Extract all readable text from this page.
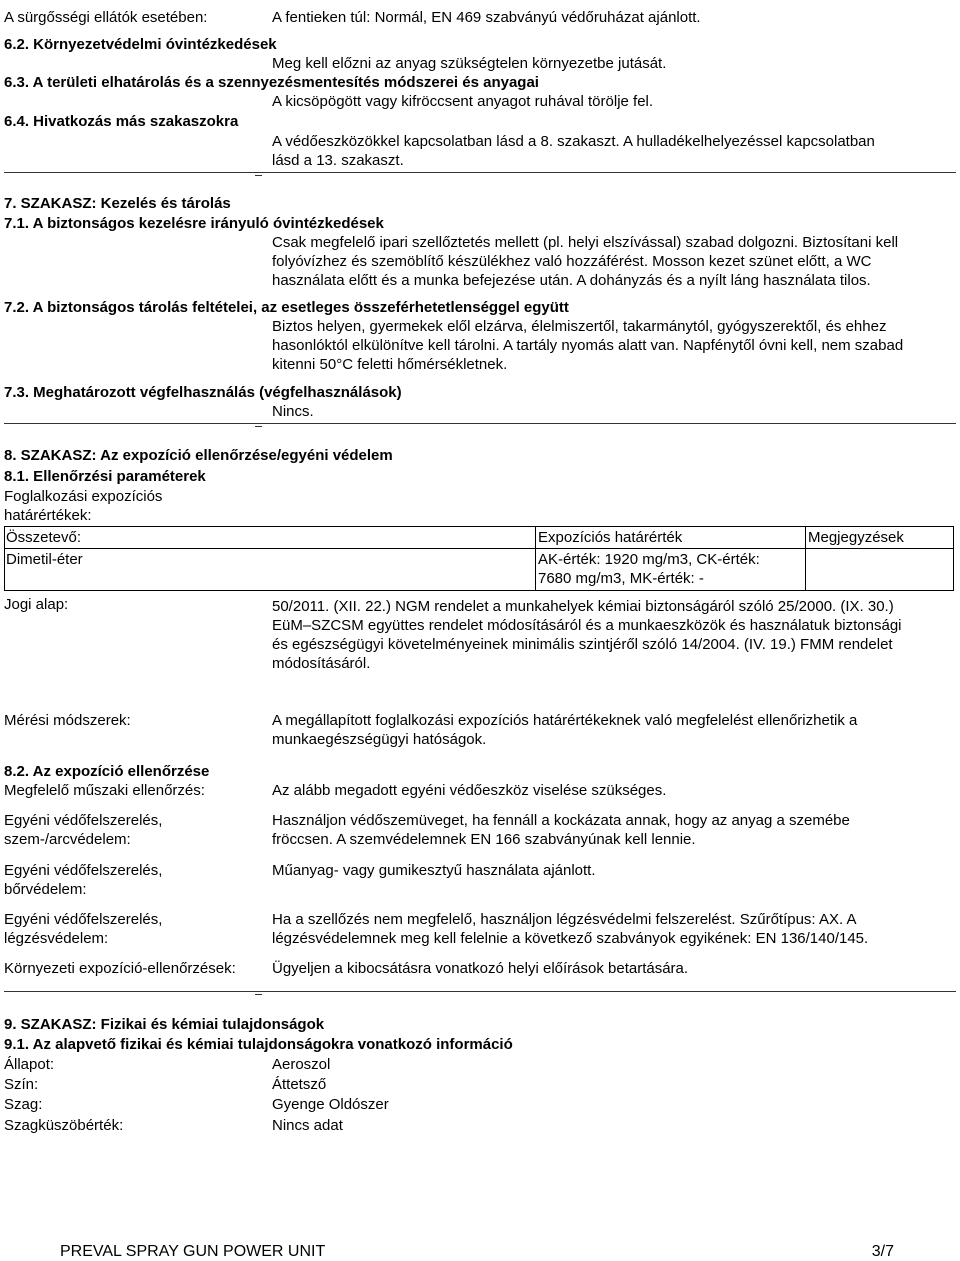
A sürgősségi ellátók esetében:	A fentieken túl: Normál, EN 469 szabványú védőruházat ajánlott.
6.2. Környezetvédelmi óvintézkedések
Meg kell előzni az anyag szükségtelen környezetbe jutását.
6.3. A területi elhatárolás és a szennyezésmentesítés módszerei és anyagai
A kicsöpögött vagy kifröccsent anyagot ruhával törölje fel.
6.4. Hivatkozás más szakaszokra
A védőeszközökkel kapcsolatban lásd a 8. szakaszt. A hulladékelhelyezéssel kapcsolatban
lásd a 13. szakaszt.
7. SZAKASZ: Kezelés és tárolás
7.1. A biztonságos kezelésre irányuló óvintézkedések
Csak megfelelő ipari szellőztetés mellett (pl. helyi elszívással) szabad dolgozni. Biztosítani kell
folyóvízhez és szemöblítő készülékhez való hozzáférést. Mosson kezet szünet előtt, a WC
használata előtt és a munka befejezése után. A dohányzás és a nyílt láng használata tilos.
7.2. A biztonságos tárolás feltételei, az esetleges összeférhetetlenséggel együtt
Biztos helyen, gyermekek elől elzárva, élelmiszertől, takarmánytól, gyógyszerektől, és ehhez
hasonlóktól elkülönítve kell tárolni. A tartály nyomás alatt van. Napfénytől óvni kell, nem szabad
kitenni 50°C feletti hőmérsékletnek.
7.3. Meghatározott végfelhasználás (végfelhasználások)
Nincs.
8. SZAKASZ: Az expozíció ellenőrzése/egyéni védelem
8.1. Ellenőrzési paraméterek
Foglalkozási expozíciós
határértékek:
Összetevő:	Expozíciós határérték	Megjegyzések
Dimetil-éter	AK-érték: 1920 mg/m3, CK-érték:
7680 mg/m3, MK-érték: -
Jogi alap:	50/2011. (XII. 22.) NGM rendelet a munkahelyek kémiai biztonságáról szóló 25/2000. (IX. 30.)
EüM–SZCSM együttes rendelet módosításáról és a munkaeszközök és használatuk biztonsági
és egészségügyi követelményeinek minimális szintjéről szóló 14/2004. (IV. 19.) FMM rendelet
módosításáról.
Mérési módszerek:	A megállapított foglalkozási expozíciós határértékeknek való megfelelést ellenőrizhetik a
munkaegészségügyi hatóságok.
8.2. Az expozíció ellenőrzése
Megfelelő műszaki ellenőrzés:	Az alább megadott egyéni védőeszköz viselése szükséges.
Egyéni védőfelszerelés,
szem-/arcvédelem:
Használjon védőszemüveget, ha fennáll a kockázata annak, hogy az anyag a szemébe
fröccsen. A szemvédelemnek EN 166 szabványúnak kell lennie.
Egyéni védőfelszerelés,
bőrvédelem:
Műanyag- vagy gumikesztyű használata ajánlott.
Egyéni védőfelszerelés,
légzésvédelem:
Ha a szellőzés nem megfelelő, használjon légzésvédelmi felszerelést. Szűrőtípus: AX. A
légzésvédelemnek meg kell felelnie a következő szabványok egyikének: EN 136/140/145.
Környezeti expozíció-ellenőrzések: Ügyeljen a kibocsátásra vonatkozó helyi előírások betartására.
9. SZAKASZ: Fizikai és kémiai tulajdonságok
9.1. Az alapvető fizikai és kémiai tulajdonságokra vonatkozó információ
Állapot:	Aeroszol
Szín:	Áttetsző
Szag:	Gyenge Oldószer
Szagküszöbérték:	Nincs adat
PREVAL SPRAY GUN POWER UNIT	3/7
